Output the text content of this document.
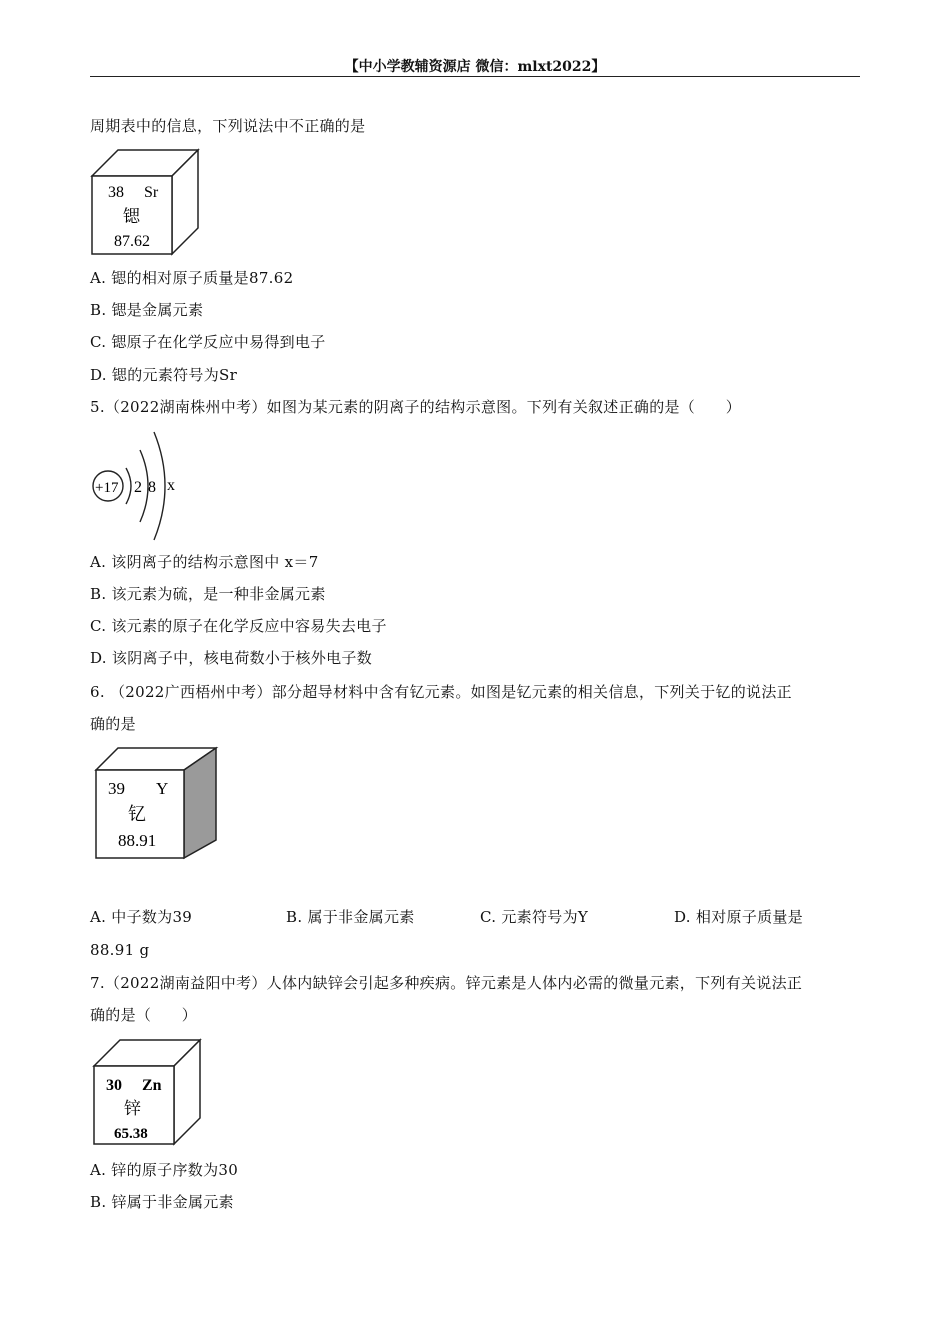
【中小学教辅资源店 微信：mlxt2022】
周期表中的信息，下列说法中不正确的是
38 Sr
锶
87.62
A. 锶的相对原子质量是87.62
B. 锶是金属元素
C. 锶原子在化学反应中易得到电子
D. 锶的元素符号为Sr
5.（2022湖南株州中考）如图为某元素的阴离子的结构示意图。下列有关叙述正确的是（　　）
+17 2 8 x
A. 该阴离子的结构示意图中 x＝7
B. 该元素为硫，是一种非金属元素
C. 该元素的原子在化学反应中容易失去电子
D. 该阴离子中，核电荷数小于核外电子数
6. （2022广西梧州中考）部分超导材料中含有钇元素。如图是钇元素的相关信息，下列关于钇的说法正
确的是
39 Y
钇
88.91
A. 中子数为39	B. 属于非金属元素	C. 元素符号为Y	D. 相对原子质量是
88.91 g
7.（2022湖南益阳中考）人体内缺锌会引起多种疾病。锌元素是人体内必需的微量元素，下列有关说法正
确的是（　　）
30 Zn
锌
65.38
A. 锌的原子序数为30
B. 锌属于非金属元素
